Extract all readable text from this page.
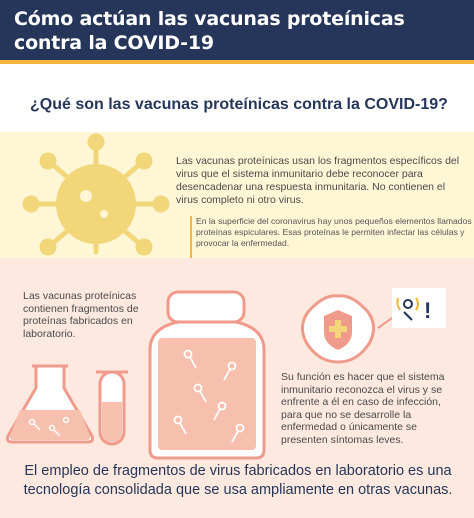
Cómo actúan las vacunas proteínicas
contra la COVID-19
¿Qué son las vacunas proteínicas contra la COVID-19?
!
Las vacunas proteínicas usan los fragmentos específicos del virus que el sistema inmunitario debe reconocer para desencadenar una respuesta inmunitaria. No contienen el virus completo ni otro virus.
En la superficie del coronavirus hay unos pequeños elementos llamados proteínas espiculares. Esas proteínas le permiten infectar las células y provocar la enfermedad.
Las vacunas proteínicas contienen fragmentos de proteínas fabricados en laboratorio.
Su función es hacer que el sistema inmunitario reconozca el virus y se enfrente a él en caso de infección, para que no se desarrolle la enfermedad o únicamente se presenten síntomas leves.
El empleo de fragmentos de virus fabricados en laboratorio es una tecnología consolidada que se usa ampliamente en otras vacunas.
